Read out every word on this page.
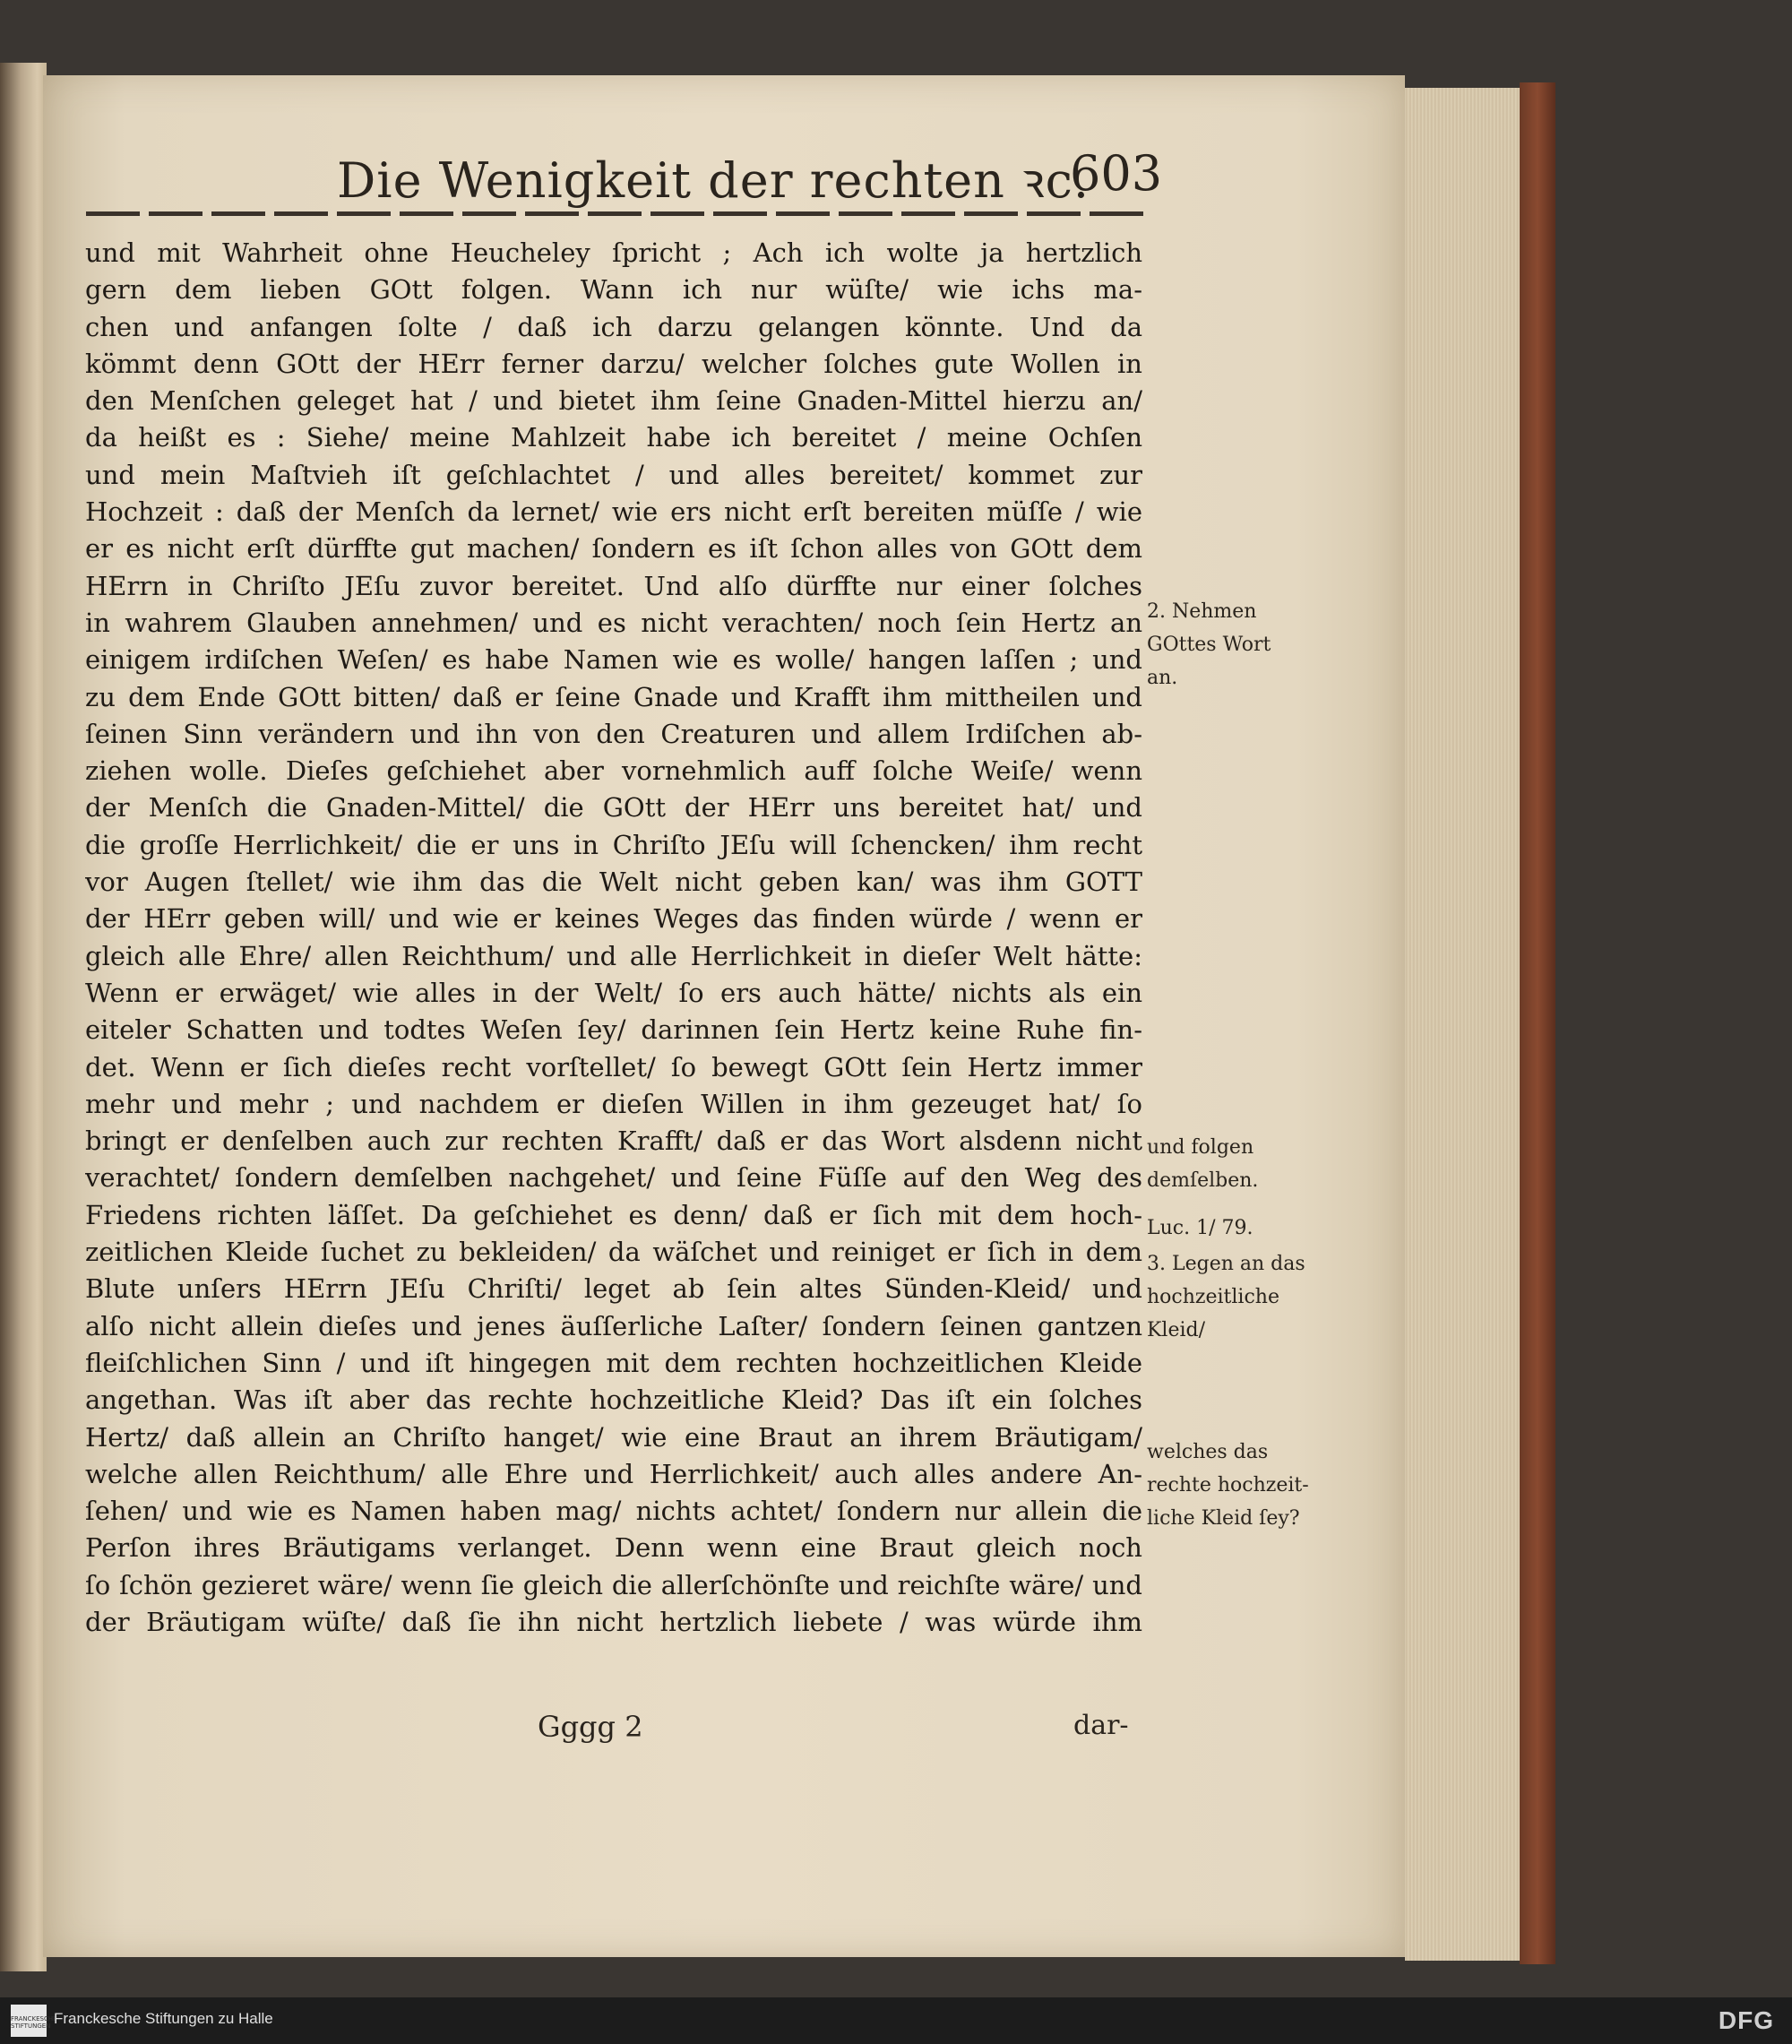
Die Wenigkeit der rechten ꝛc.
603
und mit Wahrheit ohne Heucheley ſpricht ; Ach ich wolte ja hertzlich
gern dem lieben GOtt folgen. Wann ich nur wüſte/ wie ichs ma-
chen und anfangen ſolte / daß ich darzu gelangen könnte. Und da
kömmt denn GOtt der HErr ferner darzu/ welcher ſolches gute Wollen in
den Menſchen geleget hat / und bietet ihm ſeine Gnaden-Mittel hierzu an/
da heißt es : Siehe/ meine Mahlzeit habe ich bereitet / meine Ochſen
und mein Maſtvieh iſt geſchlachtet / und alles bereitet/ kommet zur
Hochzeit : daß der Menſch da lernet/ wie ers nicht erſt bereiten müſſe / wie
er es nicht erſt dürffte gut machen/ ſondern es iſt ſchon alles von GOtt dem
HErrn in Chriſto JEſu zuvor bereitet. Und alſo dürffte nur einer ſolches
in wahrem Glauben annehmen/ und es nicht verachten/ noch ſein Hertz an
einigem irdiſchen Weſen/ es habe Namen wie es wolle/ hangen laſſen ; und
zu dem Ende GOtt bitten/ daß er ſeine Gnade und Krafft ihm mittheilen und
ſeinen Sinn verändern und ihn von den Creaturen und allem Irdiſchen ab-
ziehen wolle. Dieſes geſchiehet aber vornehmlich auff ſolche Weiſe/ wenn
der Menſch die Gnaden-Mittel/ die GOtt der HErr uns bereitet hat/ und
die groſſe Herrlichkeit/ die er uns in Chriſto JEſu will ſchencken/ ihm recht
vor Augen ſtellet/ wie ihm das die Welt nicht geben kan/ was ihm GOTT
der HErr geben will/ und wie er keines Weges das finden würde / wenn er
gleich alle Ehre/ allen Reichthum/ und alle Herrlichkeit in dieſer Welt hätte:
Wenn er erwäget/ wie alles in der Welt/ ſo ers auch hätte/ nichts als ein
eiteler Schatten und todtes Weſen ſey/ darinnen ſein Hertz keine Ruhe fin-
det. Wenn er ſich dieſes recht vorſtellet/ ſo bewegt GOtt ſein Hertz immer
mehr und mehr ; und nachdem er dieſen Willen in ihm gezeuget hat/ ſo
bringt er denſelben auch zur rechten Krafft/ daß er das Wort alsdenn nicht
verachtet/ ſondern demſelben nachgehet/ und ſeine Füſſe auf den Weg des
Friedens richten läſſet. Da geſchiehet es denn/ daß er ſich mit dem hoch-
zeitlichen Kleide ſuchet zu bekleiden/ da wäſchet und reiniget er ſich in dem
Blute unſers HErrn JEſu Chriſti/ leget ab ſein altes Sünden-Kleid/ und
alſo nicht allein dieſes und jenes äuſſerliche Laſter/ ſondern ſeinen gantzen
fleiſchlichen Sinn / und iſt hingegen mit dem rechten hochzeitlichen Kleide
angethan. Was iſt aber das rechte hochzeitliche Kleid? Das iſt ein ſolches
Hertz/ daß allein an Chriſto hanget/ wie eine Braut an ihrem Bräutigam/
welche allen Reichthum/ alle Ehre und Herrlichkeit/ auch alles andere An-
ſehen/ und wie es Namen haben mag/ nichts achtet/ ſondern nur allein die
Perſon ihres Bräutigams verlanget. Denn wenn eine Braut gleich noch
ſo ſchön gezieret wäre/ wenn ſie gleich die allerſchönſte und reichſte wäre/ und
der Bräutigam wüſte/ daß ſie ihn nicht hertzlich liebete / was würde ihm
Gggg 2	dar-
2. Nehmen
GOttes Wort
an.
und folgen
demſelben.
Luc. 1/ 79.
3. Legen an das
hochzeitliche
Kleid/
welches das
rechte hochzeit-
liche Kleid ſey?
FRANCKESCHE STIFTUNGEN Franckesche Stiftungen zu Halle	DFG
